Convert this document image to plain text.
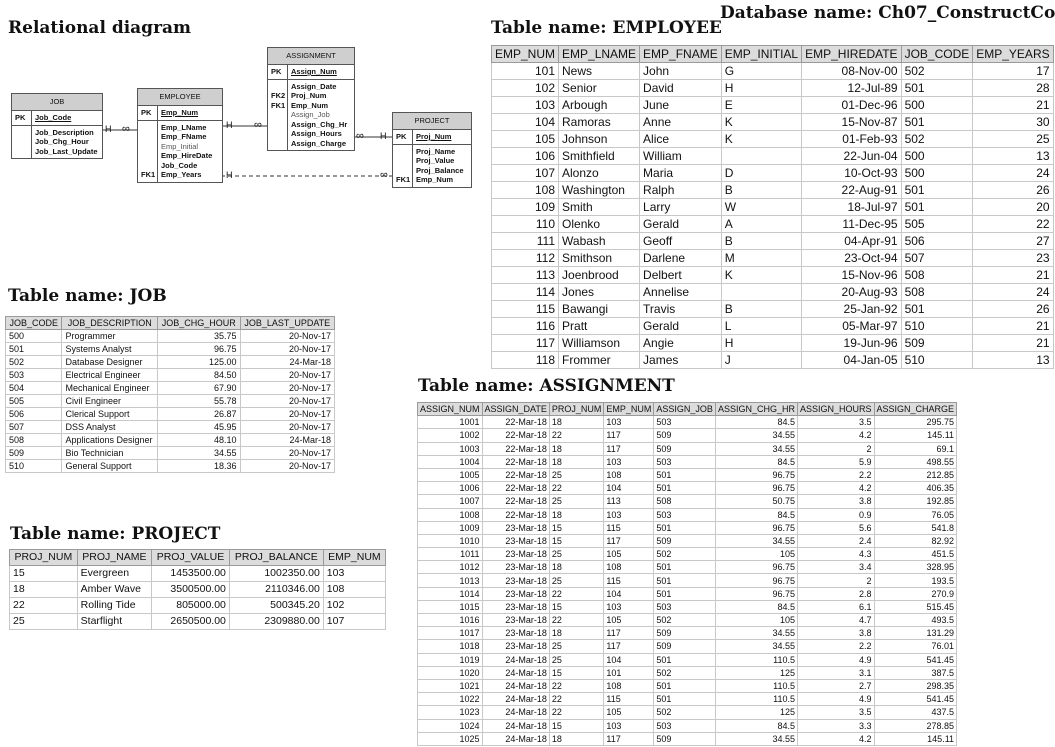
Database name: Ch07_ConstructCo
Relational diagram	Table name: EMPLOYEE
Table name: JOB
Table name: PROJECT
Table name: ASSIGNMENT
H ∞	H ∞
∞ H
H	∞
JOB
PK	Job_Code
Job_Description
Job_Chg_Hour
Job_Last_Update
EMPLOYEE
PK	Emp_Num
FK1
Emp_LName
Emp_FName
Emp_Initial
Emp_HireDate
Job_Code
Emp_Years
ASSIGNMENT
PK	Assign_Num
FK2
FK1
Assign_Date
Proj_Num
Emp_Num
Assign_Job
Assign_Chg_Hr
Assign_Hours
Assign_Charge
PROJECT
PK	Proj_Num
FK1
Proj_Name
Proj_Value
Proj_Balance
Emp_Num
EMP_NUM	EMP_LNAME	EMP_FNAME	EMP_INITIAL	EMP_HIREDATE	JOB_CODE	EMP_YEARS
101	News	John	G	08-Nov-00	502	17
102	Senior	David	H	12-Jul-89	501	28
103	Arbough	June	E	01-Dec-96	500	21
104	Ramoras	Anne	K	15-Nov-87	501	30
105	Johnson	Alice	K	01-Feb-93	502	25
106	Smithfield	William		22-Jun-04	500	13
107	Alonzo	Maria	D	10-Oct-93	500	24
108	Washington	Ralph	B	22-Aug-91	501	26
109	Smith	Larry	W	18-Jul-97	501	20
110	Olenko	Gerald	A	11-Dec-95	505	22
111	Wabash	Geoff	B	04-Apr-91	506	27
112	Smithson	Darlene	M	23-Oct-94	507	23
113	Joenbrood	Delbert	K	15-Nov-96	508	21
114	Jones	Annelise		20-Aug-93	508	24
115	Bawangi	Travis	B	25-Jan-92	501	26
116	Pratt	Gerald	L	05-Mar-97	510	21
117	Williamson	Angie	H	19-Jun-96	509	21
118	Frommer	James	J	04-Jan-05	510	13
JOB_CODE	JOB_DESCRIPTION	JOB_CHG_HOUR	JOB_LAST_UPDATE
500	Programmer	35.75	20-Nov-17
501	Systems Analyst	96.75	20-Nov-17
502	Database Designer	125.00	24-Mar-18
503	Electrical Engineer	84.50	20-Nov-17
504	Mechanical Engineer	67.90	20-Nov-17
505	Civil Engineer	55.78	20-Nov-17
506	Clerical Support	26.87	20-Nov-17
507	DSS Analyst	45.95	20-Nov-17
508	Applications Designer	48.10	24-Mar-18
509	Bio Technician	34.55	20-Nov-17
510	General Support	18.36	20-Nov-17
PROJ_NUM	PROJ_NAME	PROJ_VALUE	PROJ_BALANCE	EMP_NUM
15	Evergreen	1453500.00	1002350.00	103
18	Amber Wave	3500500.00	2110346.00	108
22	Rolling Tide	805000.00	500345.20	102
25	Starflight	2650500.00	2309880.00	107
ASSIGN_NUM	ASSIGN_DATE	PROJ_NUM	EMP_NUM	ASSIGN_JOB	ASSIGN_CHG_HR	ASSIGN_HOURS	ASSIGN_CHARGE
1001	22-Mar-18	18	103	503	84.5	3.5	295.75
1002	22-Mar-18	22	117	509	34.55	4.2	145.11
1003	22-Mar-18	18	117	509	34.55	2	69.1
1004	22-Mar-18	18	103	503	84.5	5.9	498.55
1005	22-Mar-18	25	108	501	96.75	2.2	212.85
1006	22-Mar-18	22	104	501	96.75	4.2	406.35
1007	22-Mar-18	25	113	508	50.75	3.8	192.85
1008	22-Mar-18	18	103	503	84.5	0.9	76.05
1009	23-Mar-18	15	115	501	96.75	5.6	541.8
1010	23-Mar-18	15	117	509	34.55	2.4	82.92
1011	23-Mar-18	25	105	502	105	4.3	451.5
1012	23-Mar-18	18	108	501	96.75	3.4	328.95
1013	23-Mar-18	25	115	501	96.75	2	193.5
1014	23-Mar-18	22	104	501	96.75	2.8	270.9
1015	23-Mar-18	15	103	503	84.5	6.1	515.45
1016	23-Mar-18	22	105	502	105	4.7	493.5
1017	23-Mar-18	18	117	509	34.55	3.8	131.29
1018	23-Mar-18	25	117	509	34.55	2.2	76.01
1019	24-Mar-18	25	104	501	110.5	4.9	541.45
1020	24-Mar-18	15	101	502	125	3.1	387.5
1021	24-Mar-18	22	108	501	110.5	2.7	298.35
1022	24-Mar-18	22	115	501	110.5	4.9	541.45
1023	24-Mar-18	22	105	502	125	3.5	437.5
1024	24-Mar-18	15	103	503	84.5	3.3	278.85
1025	24-Mar-18	18	117	509	34.55	4.2	145.11
